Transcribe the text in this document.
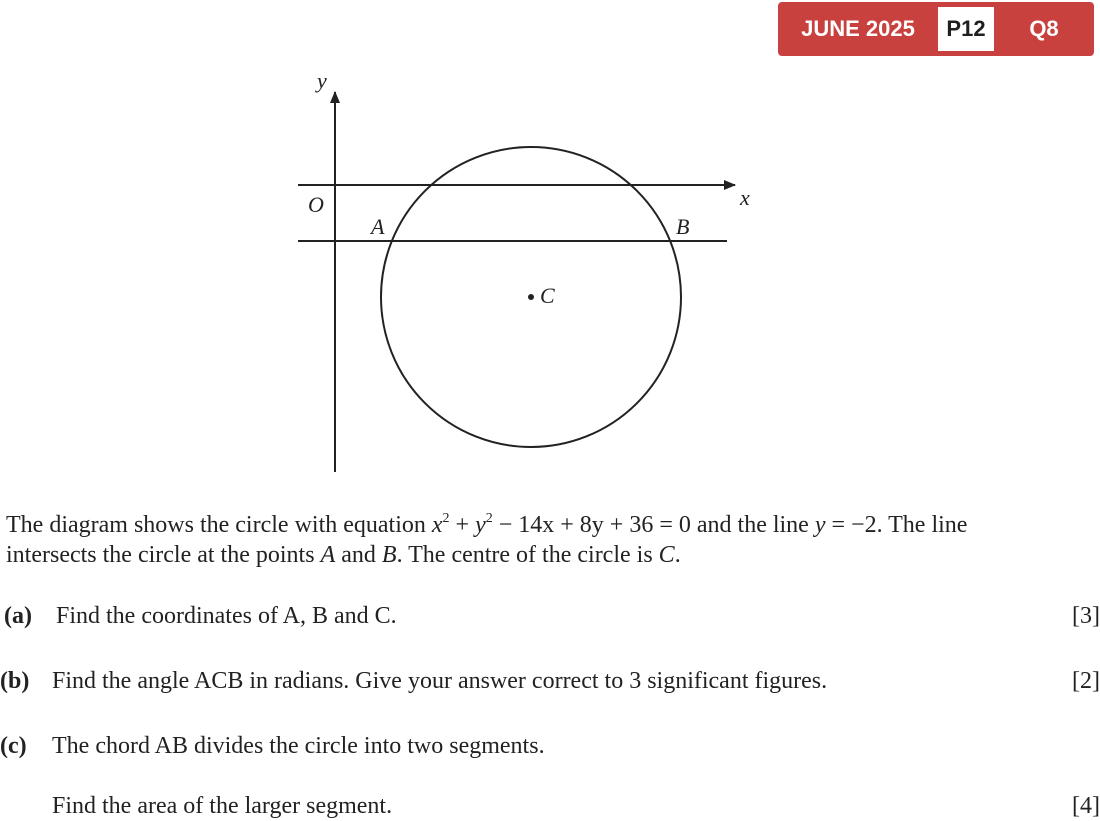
JUNE 2025	P12	Q8
y
x
O
A	B
C
The diagram shows the circle with equation $x^2 + y^2 - 14x + 8y + 36 = 0$ and the line y = −2. The line
intersects the circle at the points A and B. The centre of the circle is C.
(a) Find the coordinates of A, B and C.	[3]
(b) Find the angle ACB in radians. Give your answer correct to 3 significant figures.	[2]
(c) The chord AB divides the circle into two segments.
Find the area of the larger segment.	[4]
